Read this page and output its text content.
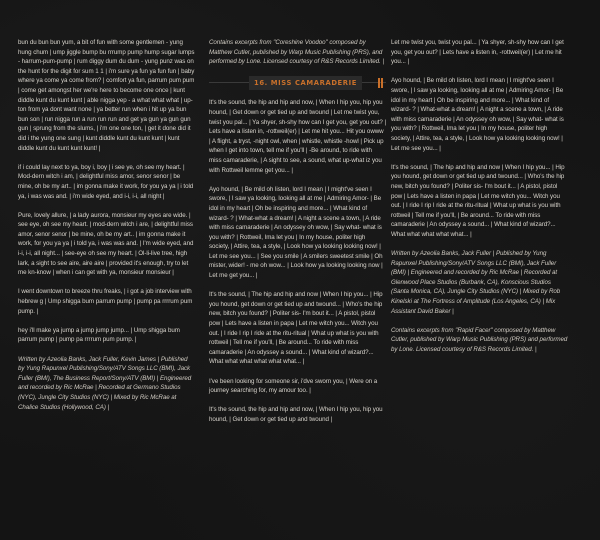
bun du bun bun yum, a bit of fun with some gentlemen - yung hung chum | ump jiggle bump bu rrrump pump hump sugar lumps - harrum-pum-pump | rum diggy dum du dum - yung punz was on the hunt for the digit for sum 1 1 | i'm sure ya fun ya fun fun | baby where ya come ya come from? | comfort ya fun, parrum pum pum | come get amongst her we're here to become one once | kunt diddle kunt du kunt kunt | able nigga yep - a what what what | up-ton from ya dont want none | ya better run when i hit up ya bun bun son | run nigga run a run run run and get ya gun ya gun gun gun | sprung from the slums, | i'm one one ton, | get it done did it did i the yung one sung | kunt diddle kunt du kunt kunt | kunt diddle kunt du kunt kunt kunt! |

if i could lay next to ya, boy i, boy | i see ye, oh see my heart. | Mod-dern witch i am, | delightful miss amor, senor senor | be mine, oh be my art.. | im gonna make it work, for you ya ya | i told ya, i was was and. | i'm wide eyed, and i-i, i-i, all night |

Pure, lovely allure, | a lady aurora, monsieur my eyes are wide. | see eye, oh see my heart. | mod-dern witch i are, | delightful miss amor, senor senor | be mine, oh be my art.. | im gonna make it work, for you ya ya | i told ya, i was was and. | I'm wide eyed, and i-i, i-i, all night... | see-eye oh see my heart. | Ol-li-live tree, high lark, a sight to see aire, aire aire | provided it's enough, try to let me kn-know | when i can get with ya, monsieur monsieur |

I went downtown to breeze thru freaks, | i got a job interview with hebrew g | Ump shigga bum parrum pump | pump pa rrrrum pum pump. |

hey i'll make ya jump a jump jump jump... | Ump shigga bum parrum pump | pump pa rrrrum pum pump. |

Written by Azeolia Banks, Jack Fuller, Kevin James | Published by Yung Rapunxel Publishing/Sony/ATV Songs LLC (BMI), Jack Fuller (BMI), The Business Report/Sony/ATV (BMI) | Engineered and recorded by Ric McRae | Recorded at Germano Studios (NYC), Jungle City Studios (NYC) | Mixed by Ric McRae at Chalice Studios (Hollywood, CA) |

Contains excerpts from "Coreshine Voodoo" composed by Matthew Cutler, published by Warp Music Publishing (PRS), and performed by Lone. Licensed courtesy of R&S Records Limited. |

16. MISS CAMARADERIE

It's the sound, the hip and hip and now, | When I hip you, hip you hound, | Get down or get tied up and twound | Let me twist you, twist you pal... | Ya shyer, sh-shy how can I get you, get you out? | Lets have a listen in, -rottweil(er) | Let me hit you... Hit you owww | A flight, a tryst, -night owl, when | whistle, whistle -howl | Pick up when I get into town, tell me if you'll | -Be around, to ride with miss camaraderie, | A sight to see, a sound, what up-what iz you with Rottweil lemme get you... |

Ayo hound, | Be mild oh listen, lord I mean | I might've seen I swore, | I saw ya looking, looking all at me | Admiring Amor- | Be idol in my heart | Oh be inspiring and more... | What kind of wizard- ? | What-what a dream! | A night a scene a town, | A ride with miss camaraderie | An odyssey oh wow, | Say what- what is you with? | Rottweil, Ima let you | In my house, politer high society, | Attire, tea, a style, | Look how ya looking looking now! | Let me see you... | See you smile | A smilers sweetest smile | Oh mister, wider! - me oh wow... | Look how ya looking looking now | Let me get you... |

It's the sound, | The hip and hip and now | When I hip you... | Hip you hound, get down or get tied up and twound... | Who's the hip new, bitch you found? | Politer sis- I'm bout it... | A pistol, pistol pow | Lets have a listen in papa | Let me witch you... Witch you out. | I ride I rip I ride at the ritu-ritual | What up what is you with rottweil | Tell me if you'll, | Be around... To ride with miss camaraderie | An odyssey a sound... | What kind of wizard?... What what what what what what... |

I've been looking for someone sir, i'dve sworn you, | Were on a journey searching for, my amour too. |

It's the sound, the hip and hip and now, | When I hip you, hip you hound, | Get down or get tied up and twound |

Let me twist you, twist you pal... | Ya shyer, sh-shy how can I get you, get you out? | Lets have a listen in, -rottweil(er) | Let me hit you... |

Ayo hound, | Be mild oh listen, lord I mean | I might've seen I swore, | I saw ya looking, looking all at me | Admiring Amor- | Be idol in my heart | Oh be inspiring and more... | What kind of wizard- ? | What-what a dream! | A night a scene a town, | A ride with miss camaraderie | An odyssey oh wow, | Say what- what is you with? | Rottweil, Ima let you | In my house, politer high society, | Attire, tea, a style, | Look how ya looking looking now! | Let me see you... |

It's the sound, | The hip and hip and now | When I hip you... | Hip you hound, get down or get tied up and twound... | Who's the hip new, bitch you found? | Politer sis- I'm bout it... | A pistol, pistol pow | Lets have a listen in papa | Let me witch you... Witch you out. | I ride I rip I ride at the ritu-ritual | What up what is you with rottweil | Tell me if you'll, | Be around... To ride with miss camaraderie | An odyssey a sound... | What kind of wizard?... What what what what what... |

Written by Azeolia Banks, Jack Fuller | Published by Yung Rapunxel Publishing/Sony/ATV Songs LLC (BMI), Jack Fuller (BMI) | Engineered and recorded by Ric McRae | Recorded at Glenwood Place Studios (Burbank, CA), Konscious Studios (Santa Monica, CA), Jungle City Studios (NYC) | Mixed by Rob Kinelski at The Fortress of Amplitude (Los Angeles, CA) | Mix Assistant David Baker |

Contains excerpts from "Rapid Facer" composed by Matthew Cutler, published by Warp Music Publishing (PRS) and performed by Lone. Licensed courtesy of R&S Records Limited. |
